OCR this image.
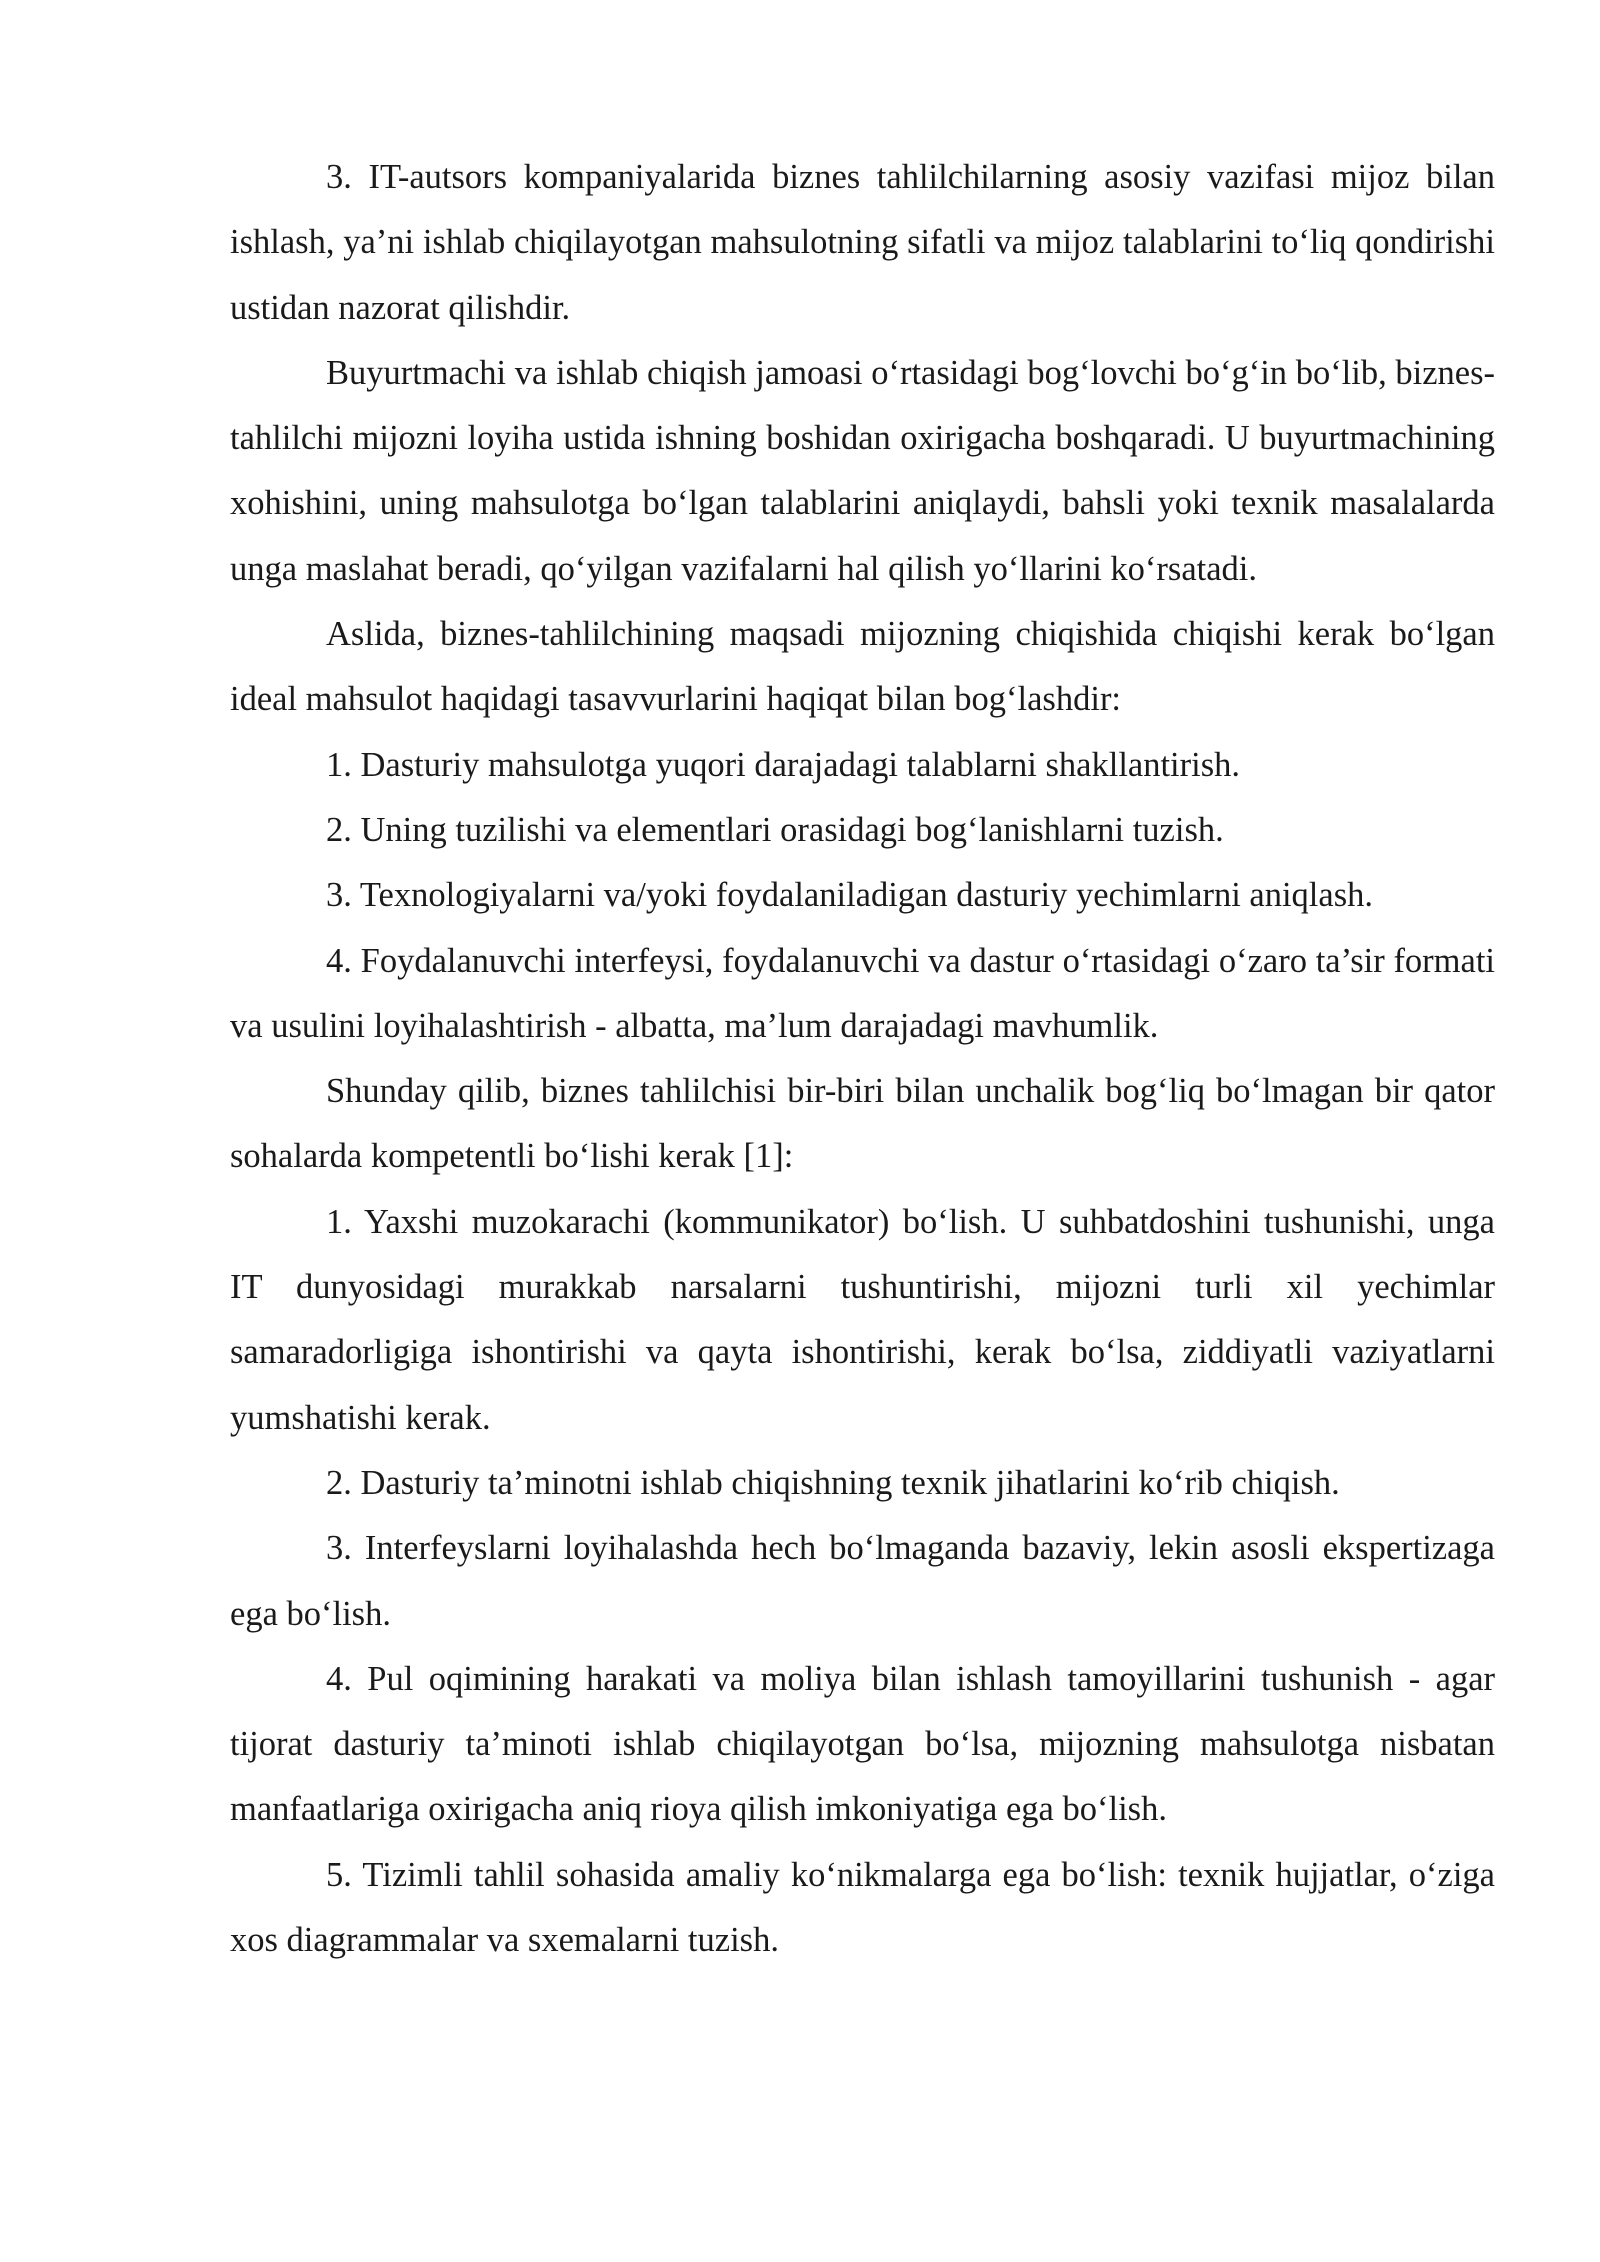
3. IT-autsors kompaniyalarida biznes tahlilchilarning asosiy vazifasi mijoz bilan ishlash, ya’ni ishlab chiqilayotgan mahsulotning sifatli va mijoz talablarini to‘liq qondirishi ustidan nazorat qilishdir.

Buyurtmachi va ishlab chiqish jamoasi o‘rtasidagi bog‘lovchi bo‘g‘in bo‘lib, biznes-tahlilchi mijozni loyiha ustida ishning boshidan oxirigacha boshqaradi. U buyurtmachining xohishini, uning mahsulotga bo‘lgan talablarini aniqlaydi, bahsli yoki texnik masalalarda unga maslahat beradi, qo‘yilgan vazifalarni hal qilish yo‘llarini ko‘rsatadi.

Aslida, biznes-tahlilchining maqsadi mijozning chiqishida chiqishi kerak bo‘lgan ideal mahsulot haqidagi tasavvurlarini haqiqat bilan bog‘lashdir:

1. Dasturiy mahsulotga yuqori darajadagi talablarni shakllantirish.

2. Uning tuzilishi va elementlari orasidagi bog‘lanishlarni tuzish.

3. Texnologiyalarni va/yoki foydalaniladigan dasturiy yechimlarni aniqlash.

4. Foydalanuvchi interfeysi, foydalanuvchi va dastur o‘rtasidagi o‘zaro ta’sir formati va usulini loyihalashtirish - albatta, ma’lum darajadagi mavhumlik.

Shunday qilib, biznes tahlilchisi bir-biri bilan unchalik bog‘liq bo‘lmagan bir qator sohalarda kompetentli bo‘lishi kerak [1]:

1. Yaxshi muzokarachi (kommunikator) bo‘lish. U suhbatdoshini tushunishi, unga IT dunyosidagi murakkab narsalarni tushuntirishi, mijozni turli xil yechimlar samaradorligiga ishontirishi va qayta ishontirishi, kerak bo‘lsa, ziddiyatli vaziyatlarni yumshatishi kerak.

2. Dasturiy ta’minotni ishlab chiqishning texnik jihatlarini ko‘rib chiqish.

3. Interfeyslarni loyihalashda hech bo‘lmaganda bazaviy, lekin asosli ekspertizaga ega bo‘lish.

4. Pul oqimining harakati va moliya bilan ishlash tamoyillarini tushunish - agar tijorat dasturiy ta’minoti ishlab chiqilayotgan bo‘lsa, mijozning mahsulotga nisbatan manfaatlariga oxirigacha aniq rioya qilish imkoniyatiga ega bo‘lish.

5. Tizimli tahlil sohasida amaliy ko‘nikmalarga ega bo‘lish: texnik hujjatlar, o‘ziga xos diagrammalar va sxemalarni tuzish.
